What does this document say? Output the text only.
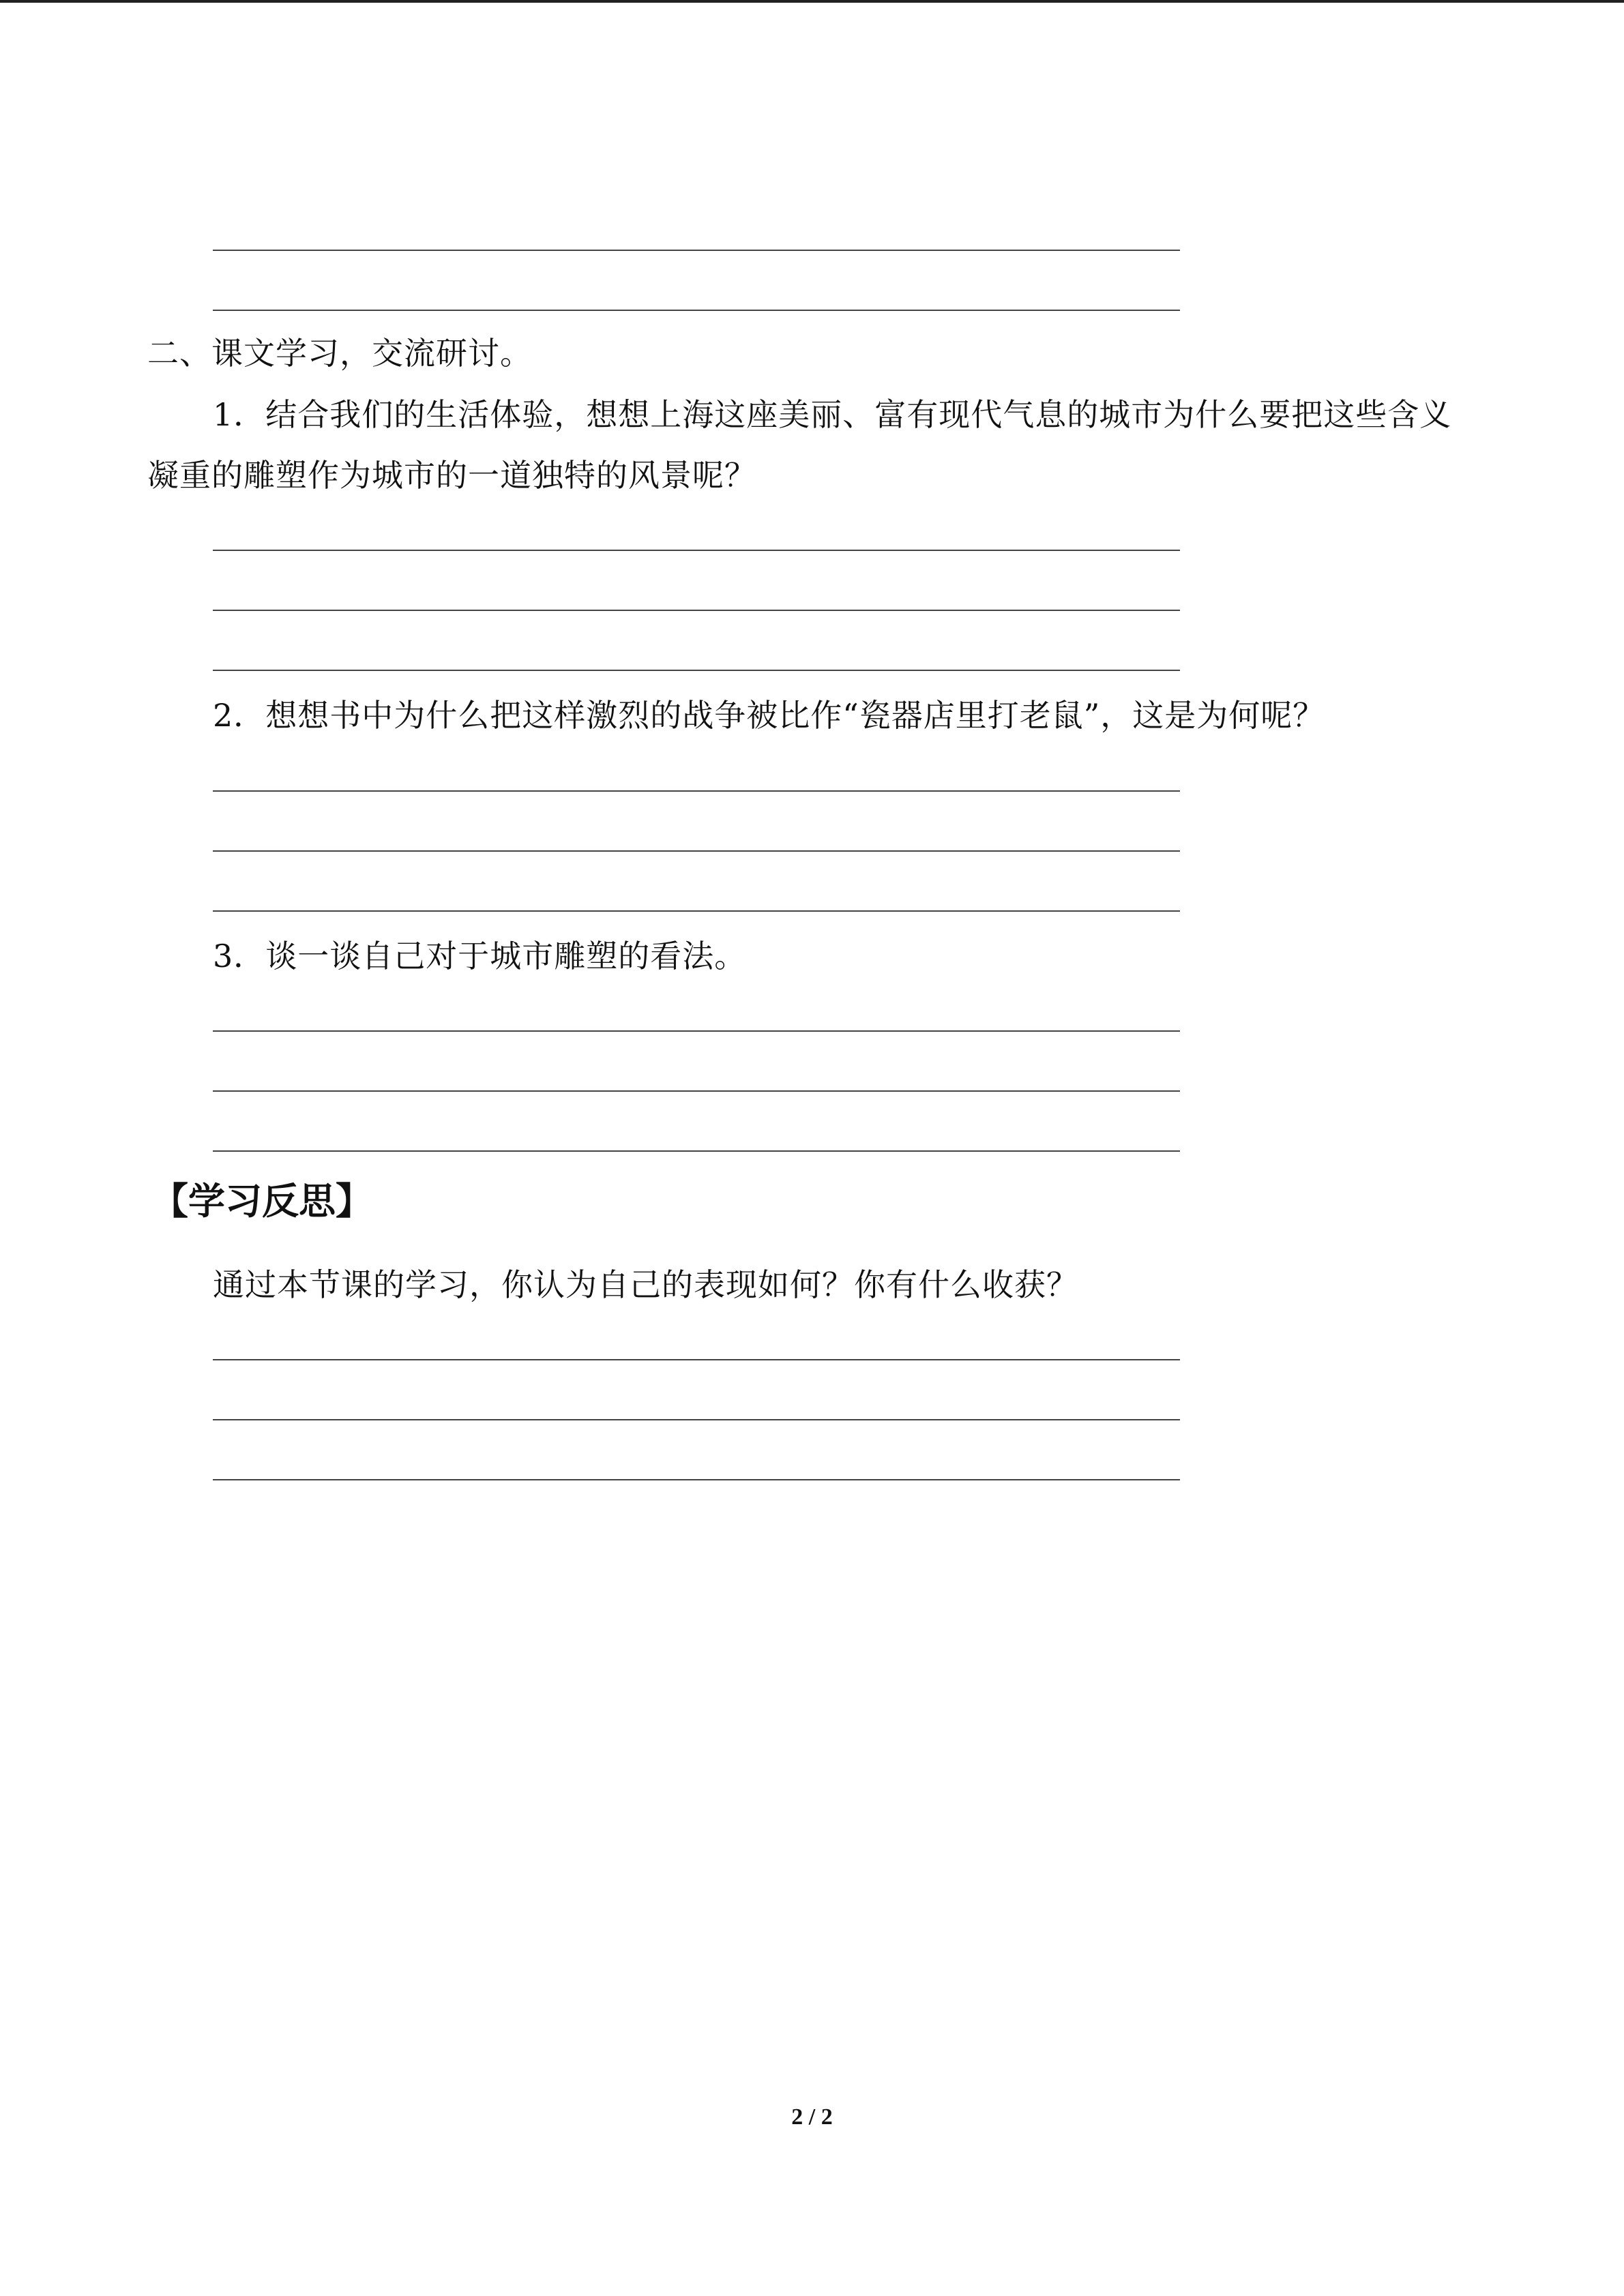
二、课文学习，交流研讨。
1．结合我们的生活体验，想想上海这座美丽、富有现代气息的城市为什么要把这些含义
凝重的雕塑作为城市的一道独特的风景呢？
2．想想书中为什么把这样激烈的战争被比作“瓷器店里打老鼠”，这是为何呢？
3．谈一谈自己对于城市雕塑的看法。
【学习反思】
通过本节课的学习，你认为自己的表现如何？你有什么收获？
2 / 2
